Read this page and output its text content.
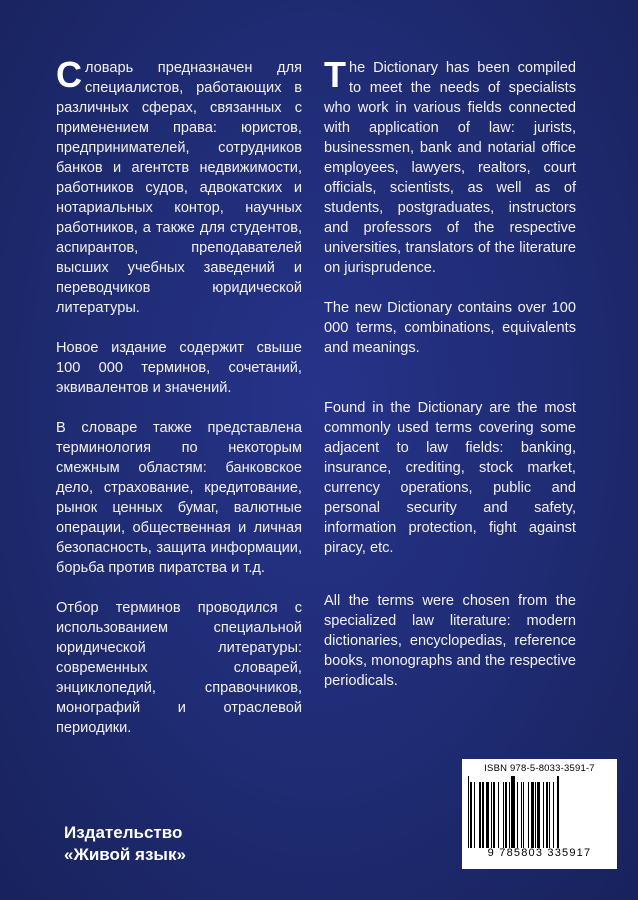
Словарь предназначен для специалистов, работающих в различных сферах, связанных с применением права: юристов, предпринимателей, сотрудников банков и агентств недвижимости, работников судов, адвокатских и нотариальных контор, научных работников, а также для студентов, аспирантов, преподавателей высших учебных заведений и переводчиков юридической литературы.

Новое издание содержит свыше 100 000 терминов, сочетаний, эквивалентов и значений.

В словаре также представлена терминология по некоторым смежным областям: банковское дело, страхование, кредитование, рынок ценных бумаг, валютные операции, общественная и личная безопасность, защита информации, борьба против пиратства и т.д.

Отбор терминов проводился с использованием специальной юридической литературы: современных словарей, энциклопедий, справочников, монографий и отраслевой периодики.

The Dictionary has been compiled to meet the needs of specialists who work in various fields connected with application of law: jurists, businessmen, bank and notarial office employees, lawyers, realtors, court officials, scientists, as well as of students, postgraduates, instructors and professors of the respective universities, translators of the literature on jurisprudence.

The new Dictionary contains over 100 000 terms, combinations, equivalents and meanings.

Found in the Dictionary are the most commonly used terms covering some adjacent to law fields: banking, insurance, crediting, stock market, currency operations, public and personal security and safety, information protection, fight against piracy, etc.

All the terms were chosen from the specialized law literature: modern dictionaries, encyclopedias, reference books, monographs and the respective periodicals.

Издательство
«Живой язык»
ISBN 978-5-8033-3591-7
9 785803 335917
